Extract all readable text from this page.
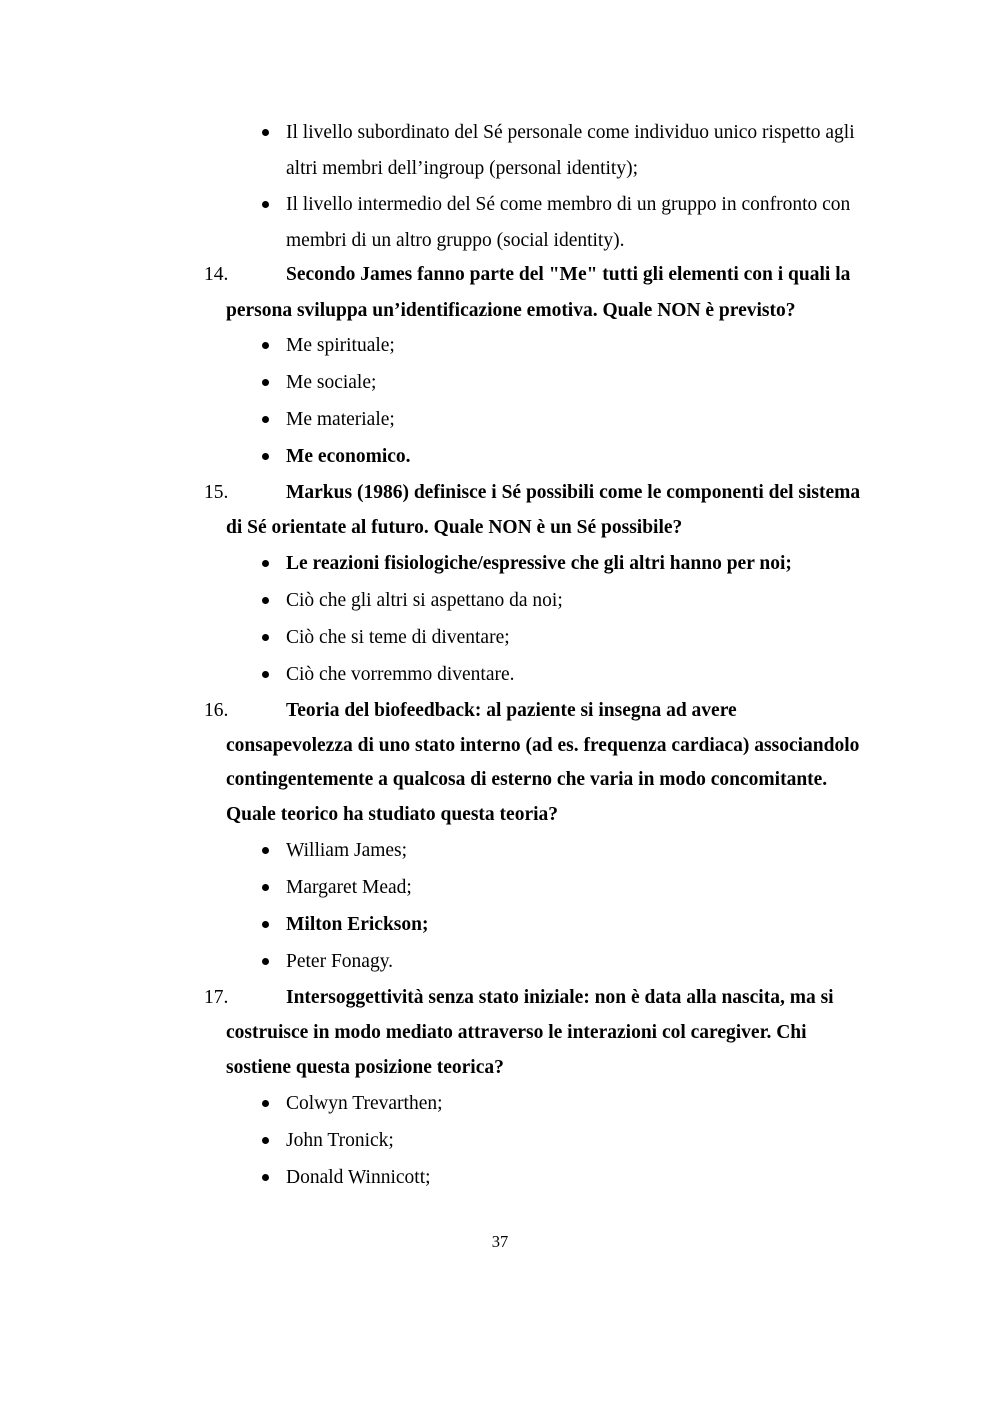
Il livello subordinato del Sé personale come individuo unico rispetto agli
altri membri dell’ingroup (personal identity);
Il livello intermedio del Sé come membro di un gruppo in confronto con
membri di un altro gruppo (social identity).
14.	Secondo James fanno parte del "Me" tutti gli elementi con i quali la
persona sviluppa un’identificazione emotiva. Quale NON è previsto?
Me spirituale;
Me sociale;
Me materiale;
Me economico.
15.	Markus (1986) definisce i Sé possibili come le componenti del sistema
di Sé orientate al futuro. Quale NON è un Sé possibile?
Le reazioni fisiologiche/espressive che gli altri hanno per noi;
Ciò che gli altri si aspettano da noi;
Ciò che si teme di diventare;
Ciò che vorremmo diventare.
16.	Teoria del biofeedback: al paziente si insegna ad avere
consapevolezza di uno stato interno (ad es. frequenza cardiaca) associandolo
contingentemente a qualcosa di esterno che varia in modo concomitante.
Quale teorico ha studiato questa teoria?
William James;
Margaret Mead;
Milton Erickson;
Peter Fonagy.
17.	Intersoggettività senza stato iniziale: non è data alla nascita, ma si
costruisce in modo mediato attraverso le interazioni col caregiver. Chi
sostiene questa posizione teorica?
Colwyn Trevarthen;
John Tronick;
Donald Winnicott;
37
